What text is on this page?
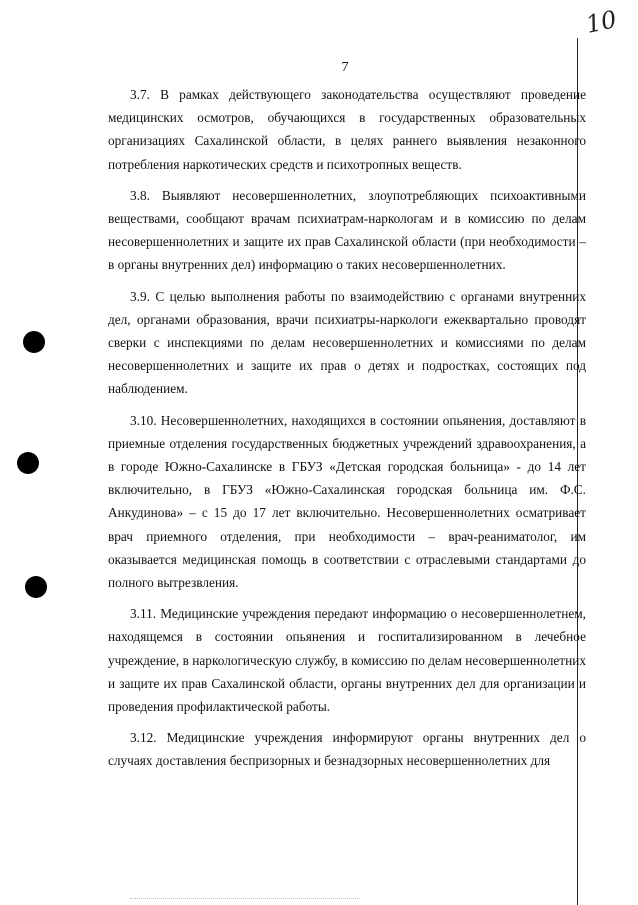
10
7

3.7. В рамках действующего законодательства осуществляют проведение медицинских осмотров, обучающихся в государственных образовательных организациях Сахалинской области, в целях раннего выявления незаконного потребления наркотических средств и психотропных веществ.

3.8. Выявляют несовершеннолетних, злоупотребляющих психоактивными веществами, сообщают врачам психиатрам-наркологам и в комиссию по делам несовершеннолетних и защите их прав Сахалинской области (при необходимости – в органы внутренних дел) информацию о таких несовершеннолетних.

3.9. С целью выполнения работы по взаимодействию с органами внутренних дел, органами образования, врачи психиатры-наркологи ежеквартально проводят сверки с инспекциями по делам несовершеннолетних и комиссиями по делам несовершеннолетних и защите их прав о детях и подростках, состоящих под наблюдением.

3.10. Несовершеннолетних, находящихся в состоянии опьянения, доставляют в приемные отделения государственных бюджетных учреждений здравоохранения, а в городе Южно-Сахалинске в ГБУЗ «Детская городская больница» - до 14 лет включительно, в ГБУЗ «Южно-Сахалинская городская больница им. Ф.С. Анкудинова» – с 15 до 17 лет включительно. Несовершеннолетних осматривает врач приемного отделения, при необходимости – врач-реаниматолог, им оказывается медицинская помощь в соответствии с отраслевыми стандартами до полного вытрезвления.

3.11. Медицинские учреждения передают информацию о несовершеннолетнем, находящемся в состоянии опьянения и госпитализированном в лечебное учреждение, в наркологическую службу, в комиссию по делам несовершеннолетних и защите их прав Сахалинской области, органы внутренних дел для организации и проведения профилактической работы.

3.12. Медицинские учреждения информируют органы внутренних дел о случаях доставления беспризорных и безнадзорных несовершеннолетних для
